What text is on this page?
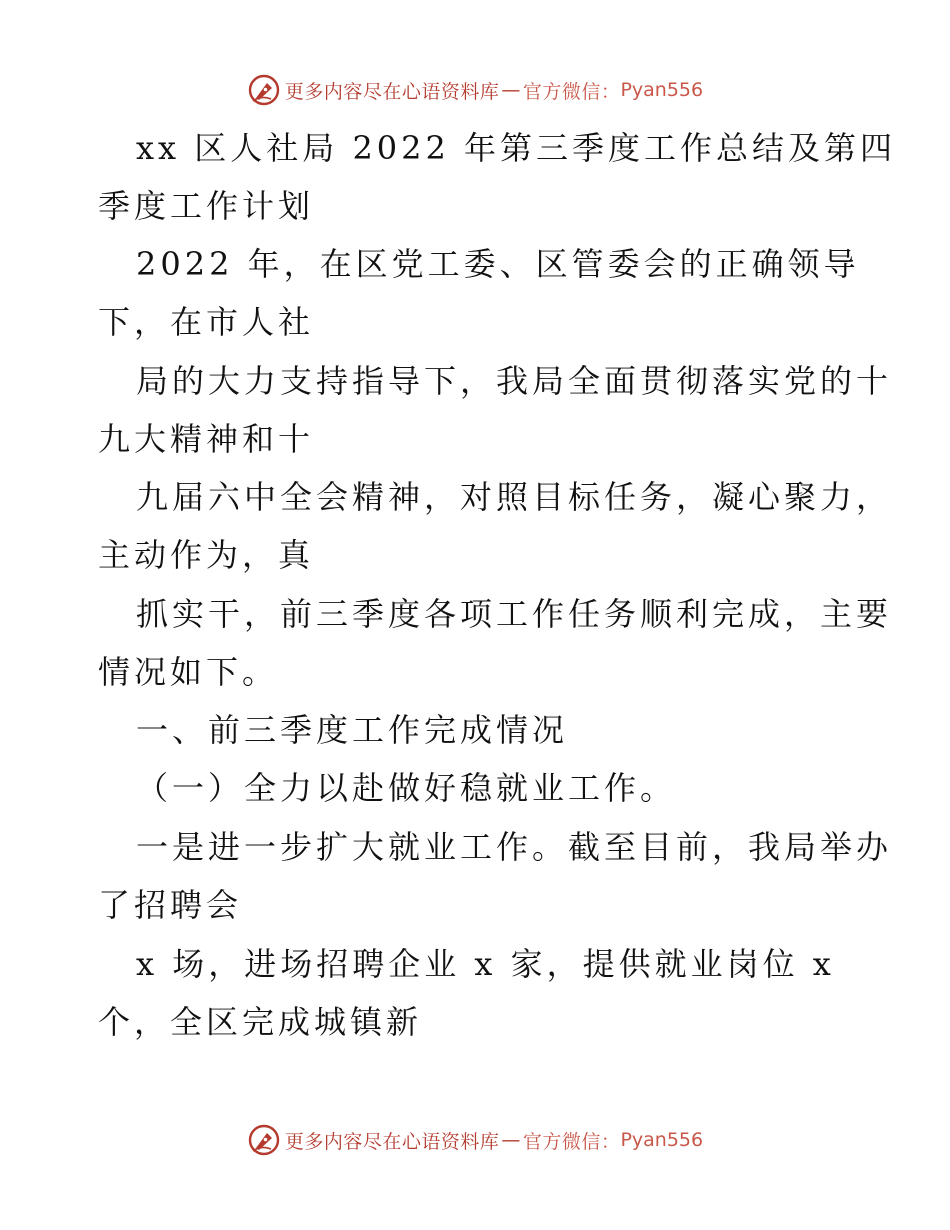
更多内容尽在心语资料库 — 官方微信： Pyan556
xx 区人社局 2022 年第三季度工作总结及第四
季度工作计划
2022 年，在区党工委、区管委会的正确领导
下，在市人社
局的大力支持指导下，我局全面贯彻落实党的十
九大精神和十
九届六中全会精神，对照目标任务，凝心聚力，
主动作为，真
抓实干，前三季度各项工作任务顺利完成，主要
情况如下。
一、前三季度工作完成情况
（一）全力以赴做好稳就业工作。
一是进一步扩大就业工作。截至目前，我局举办
了招聘会
x 场，进场招聘企业 x 家，提供就业岗位 x
个，全区完成城镇新
更多内容尽在心语资料库 — 官方微信： Pyan556
